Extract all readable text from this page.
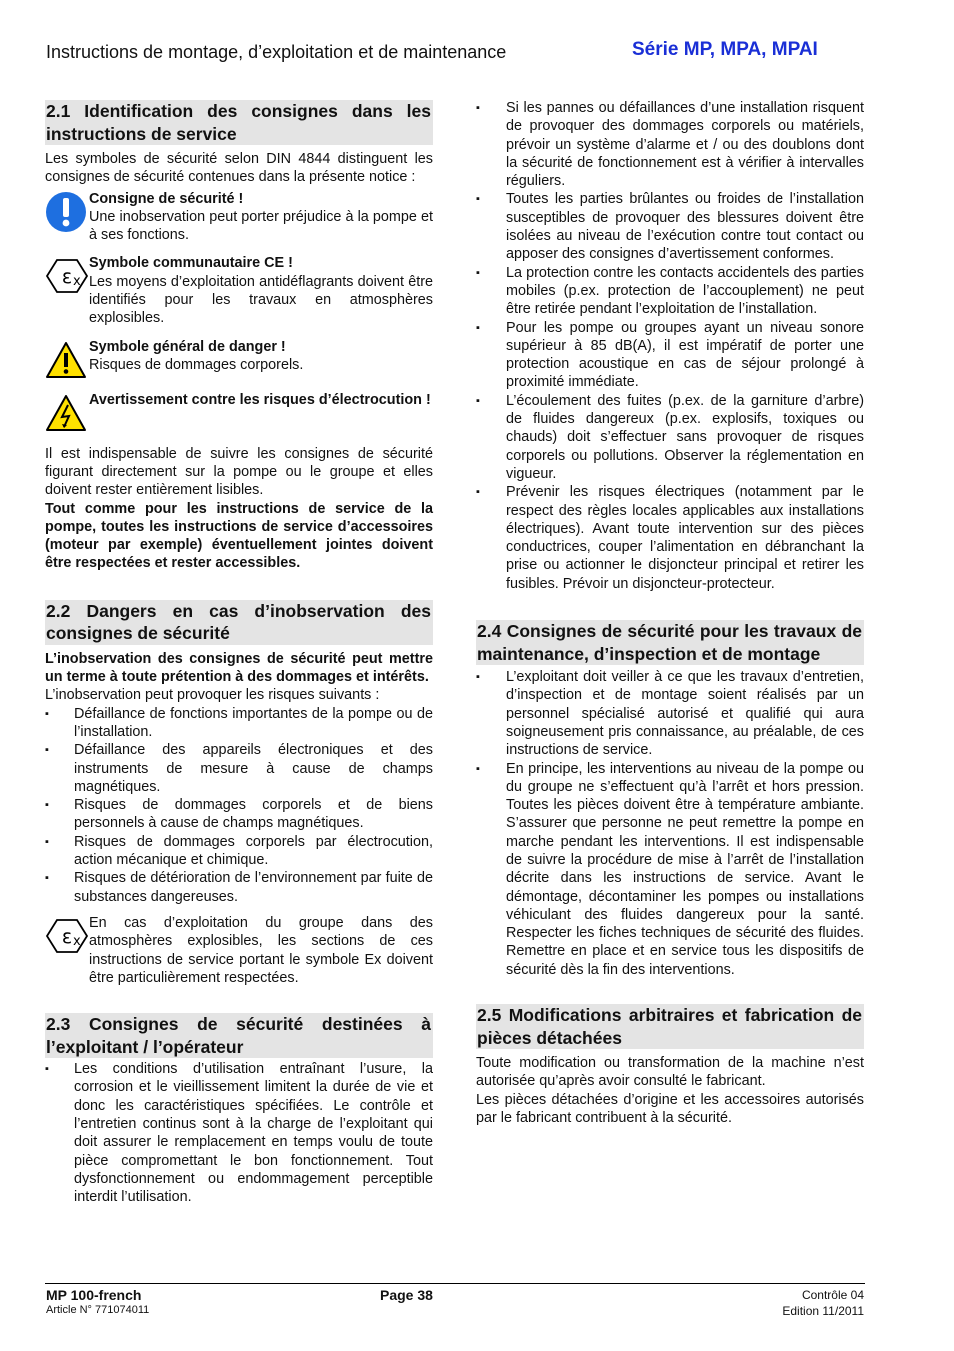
Instructions de montage, d’exploitation et de maintenance	Série MP, MPA, MPAI
2.1 Identification des consignes dans les instructions de service
Les symboles de sécurité selon DIN 4844 distinguent les consignes de sécurité contenues dans la présente notice :
Consigne de sécurité !
Une inobservation peut porter préjudice à la pompe et à ses fonctions.
ε x
Symbole communautaire CE !
Les moyens d’exploitation antidéflagrants doivent être identifiés pour les travaux en atmosphères explosibles.
Symbole général de danger !
Risques de dommages corporels.
Avertissement contre les risques d’électrocution !
Il est indispensable de suivre les consignes de sécurité figurant directement sur la pompe ou le groupe et elles doivent rester entièrement lisibles.
Tout comme pour les instructions de service de la pompe, toutes les instructions de service d’accessoires (moteur par exemple) éventuellement jointes doivent être respectées et rester accessibles.
2.2 Dangers en cas d’inobservation des consignes de sécurité
L’inobservation des consignes de sécurité peut mettre un terme à toute prétention à des dommages et intérêts.
L’inobservation peut provoquer les risques suivants :
▪ Défaillance de fonctions importantes de la pompe ou de l’installation.
▪ Défaillance des appareils électroniques et des instruments de mesure à cause de champs magnétiques.
▪ Risques de dommages corporels et de biens personnels à cause de champs magnétiques.
▪ Risques de dommages corporels par électrocution, action mécanique et chimique.
▪ Risques de détérioration de l’environnement par fuite de substances dangereuses.
ε x
En cas d’exploitation du groupe dans des atmosphères explosibles, les sections de ces instructions de service portant le symbole Ex doivent être particulièrement respectées.
2.3 Consignes de sécurité destinées à l’exploitant / l’opérateur
▪ Les conditions d’utilisation entraînant l’usure, la corrosion et le vieillissement limitent la durée de vie et donc les caractéristiques spécifiées. Le contrôle et l’entretien continus sont à la charge de l’exploitant qui doit assurer le remplacement en temps voulu de toute pièce compromettant le bon fonctionnement. Tout dysfonctionnement ou endommagement perceptible interdit l’utilisation.
▪ Si les pannes ou défaillances d’une installation risquent de provoquer des dommages corporels ou matériels, prévoir un système d’alarme et / ou des doublons dont la sécurité de fonctionnement est à vérifier à intervalles réguliers.
▪ Toutes les parties brûlantes ou froides de l’installation susceptibles de provoquer des blessures doivent être isolées au niveau de l’exécution contre tout contact ou apposer des consignes d’avertissement conformes.
▪ La protection contre les contacts accidentels des parties mobiles (p.ex. protection de l’accouplement) ne peut être retirée pendant l’exploitation de l’installation.
▪ Pour les pompe ou groupes ayant un niveau sonore supérieur à 85 dB(A), il est impératif de porter une protection acoustique en cas de séjour prolongé à proximité immédiate.
▪ L’écoulement des fuites (p.ex. de la garniture d’arbre) de fluides dangereux (p.ex. explosifs, toxiques ou chauds) doit s’effectuer sans provoquer de risques corporels ou pollutions. Observer la réglementation en vigueur.
▪ Prévenir les risques électriques (notamment par le respect des règles locales applicables aux installations électriques). Avant toute intervention sur des pièces conductrices, couper l’alimentation en débranchant la prise ou actionner le disjoncteur principal et retirer les fusibles. Prévoir un disjoncteur-protecteur.
2.4 Consignes de sécurité pour les travaux de maintenance, d’inspection et de montage
▪ L’exploitant doit veiller à ce que les travaux d’entretien, d’inspection et de montage soient réalisés par un personnel spécialisé autorisé et qualifié qui aura soigneusement pris connaissance, au préalable, de ces instructions de service.
▪ En principe, les interventions au niveau de la pompe ou du groupe ne s’effectuent qu’à l’arrêt et hors pression. Toutes les pièces doivent être à température ambiante. S’assurer que personne ne peut remettre la pompe en marche pendant les interventions. Il est indispensable de suivre la procédure de mise à l’arrêt de l’installation décrite dans les instructions de service. Avant le démontage, décontaminer les pompes ou installations véhiculant des fluides dangereux pour la santé. Respecter les fiches techniques de sécurité des fluides. Remettre en place et en service tous les dispositifs de sécurité dès la fin des interventions.
2.5 Modifications arbitraires et fabrication de pièces détachées
Toute modification ou transformation de la machine n’est autorisée qu’après avoir consulté le fabricant.
Les pièces détachées d’origine et les accessoires autorisés par le fabricant contribuent à la sécurité.
MP 100-french
Article N° 771074011
Page 38	Contrôle 04
Edition 11/2011
